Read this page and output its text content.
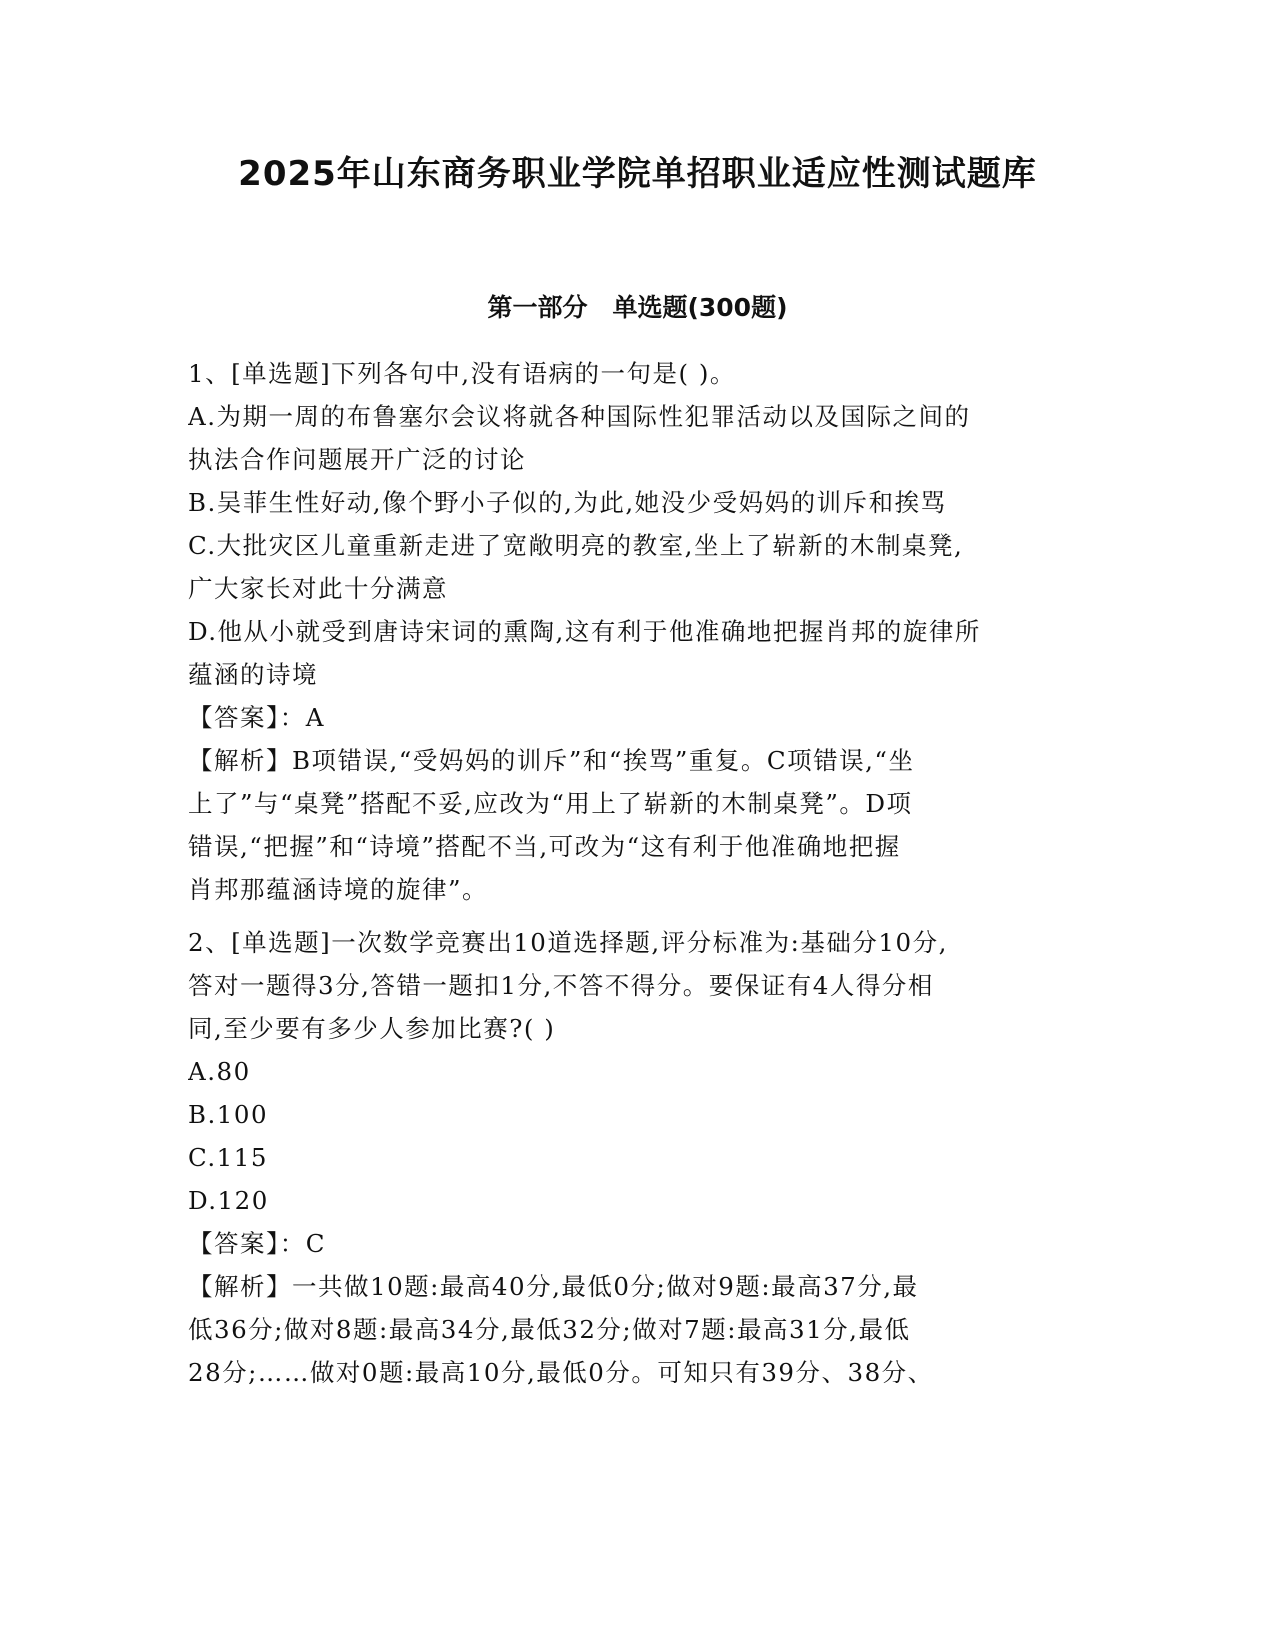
2025年山东商务职业学院单招职业适应性测试题库
第一部分　单选题(300题)
1、[单选题]下列各句中,没有语病的一句是( )。
A.为期一周的布鲁塞尔会议将就各种国际性犯罪活动以及国际之间的
执法合作问题展开广泛的讨论
B.吴菲生性好动,像个野小子似的,为此,她没少受妈妈的训斥和挨骂
C.大批灾区儿童重新走进了宽敞明亮的教室,坐上了崭新的木制桌凳,
广大家长对此十分满意
D.他从小就受到唐诗宋词的熏陶,这有利于他准确地把握肖邦的旋律所
蕴涵的诗境
【答案】：A
【解析】B项错误,“受妈妈的训斥”和“挨骂”重复。C项错误,“坐
上了”与“桌凳”搭配不妥,应改为“用上了崭新的木制桌凳”。D项
错误,“把握”和“诗境”搭配不当,可改为“这有利于他准确地把握
肖邦那蕴涵诗境的旋律”。
2、[单选题]一次数学竞赛出10道选择题,评分标准为:基础分10分,
答对一题得3分,答错一题扣1分,不答不得分。要保证有4人得分相
同,至少要有多少人参加比赛?( )
A.80
B.100
C.115
D.120
【答案】：C
【解析】一共做10题:最高40分,最低0分;做对9题:最高37分,最
低36分;做对8题:最高34分,最低32分;做对7题:最高31分,最低
28分;……做对0题:最高10分,最低0分。可知只有39分、38分、
